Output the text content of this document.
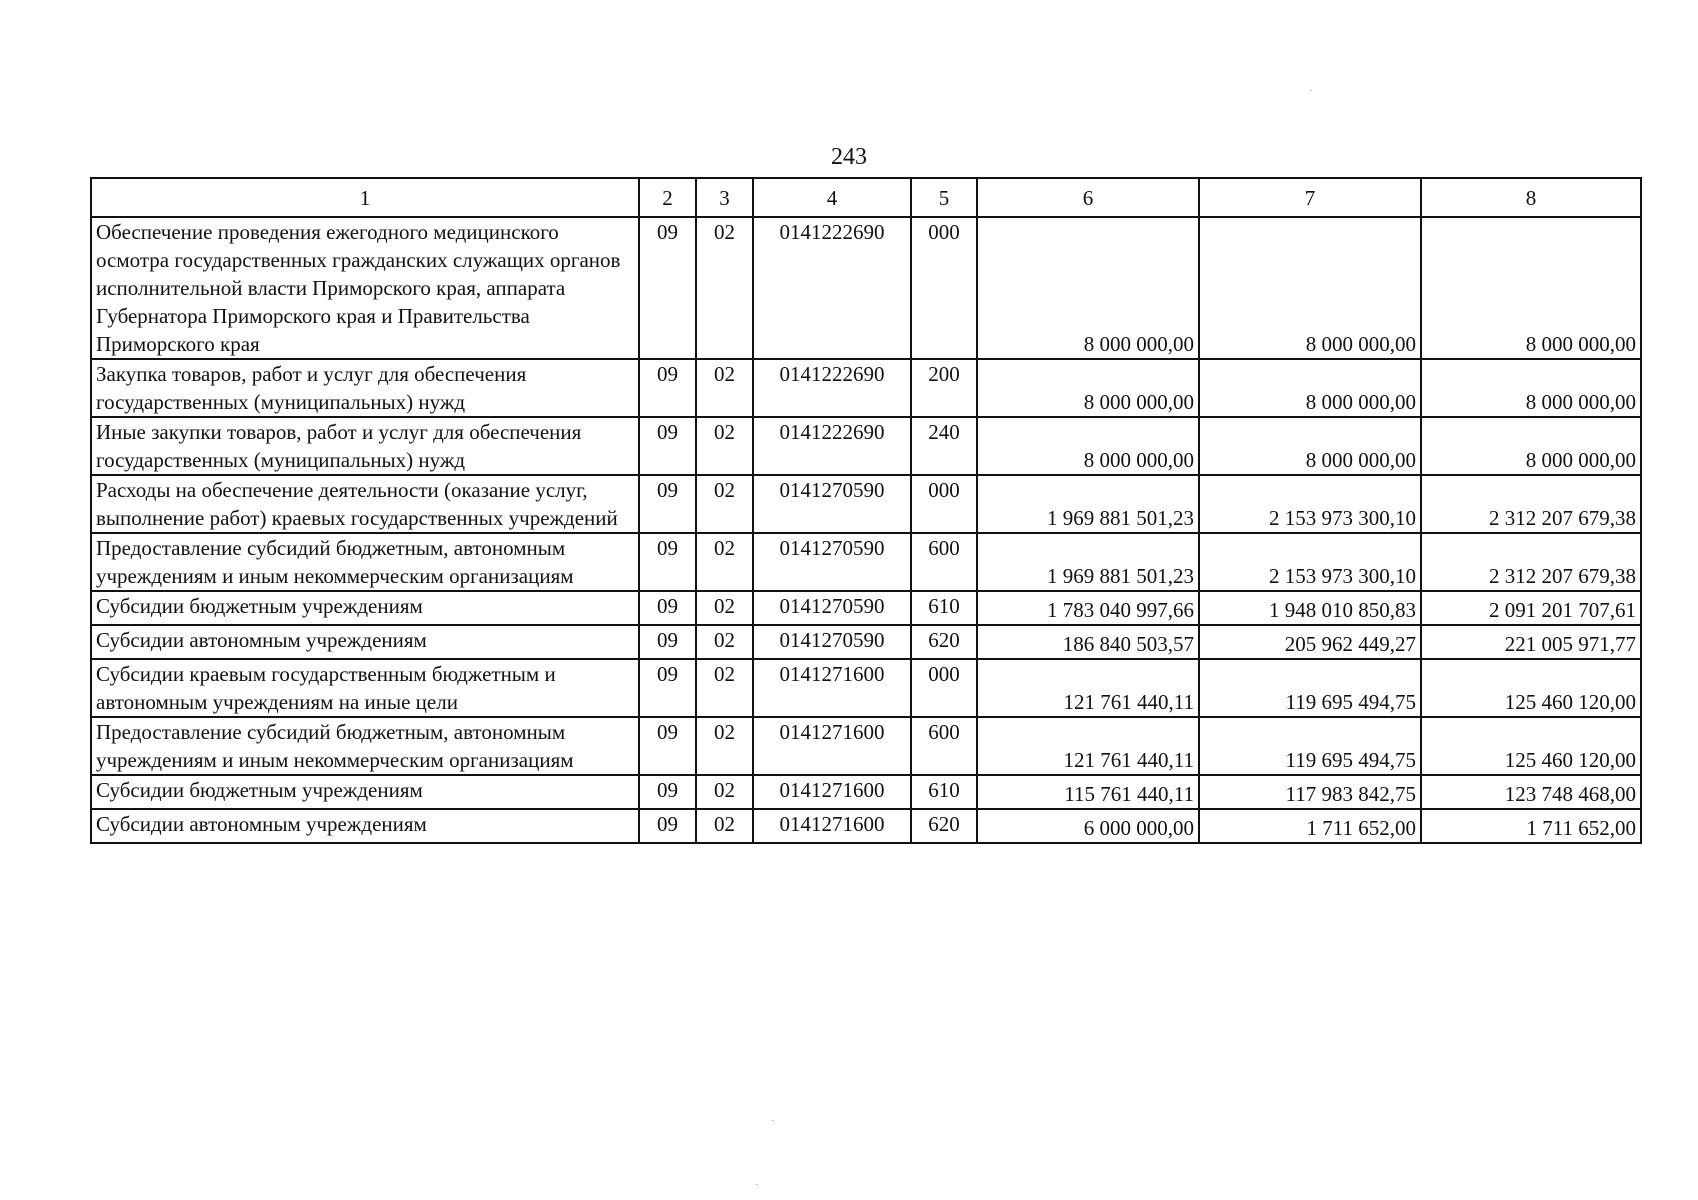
243
1	2	3	4	5	6	7	8
Обеспечение проведения ежегодного медицинского осмотра государственных гражданских служащих органов исполнительной власти Приморского края, аппарата Губернатора Приморского края и Правительства Приморского края	09	02	0141222690	000	8 000 000,00	8 000 000,00	8 000 000,00
Закупка товаров, работ и услуг для обеспечения государственных (муниципальных) нужд	09	02	0141222690	200	8 000 000,00	8 000 000,00	8 000 000,00
Иные закупки товаров, работ и услуг для обеспечения государственных (муниципальных) нужд	09	02	0141222690	240	8 000 000,00	8 000 000,00	8 000 000,00
Расходы на обеспечение деятельности (оказание услуг, выполнение работ) краевых государственных учреждений	09	02	0141270590	000	1 969 881 501,23	2 153 973 300,10	2 312 207 679,38
Предоставление субсидий бюджетным, автономным учреждениям и иным некоммерческим организациям	09	02	0141270590	600	1 969 881 501,23	2 153 973 300,10	2 312 207 679,38
Субсидии бюджетным учреждениям	09	02	0141270590	610	1 783 040 997,66	1 948 010 850,83	2 091 201 707,61
Субсидии автономным учреждениям	09	02	0141270590	620	186 840 503,57	205 962 449,27	221 005 971,77
Субсидии краевым государственным бюджетным и автономным учреждениям на иные цели	09	02	0141271600	000	121 761 440,11	119 695 494,75	125 460 120,00
Предоставление субсидий бюджетным, автономным учреждениям и иным некоммерческим организациям	09	02	0141271600	600	121 761 440,11	119 695 494,75	125 460 120,00
Субсидии бюджетным учреждениям	09	02	0141271600	610	115 761 440,11	117 983 842,75	123 748 468,00
Субсидии автономным учреждениям	09	02	0141271600	620	6 000 000,00	1 711 652,00	1 711 652,00
